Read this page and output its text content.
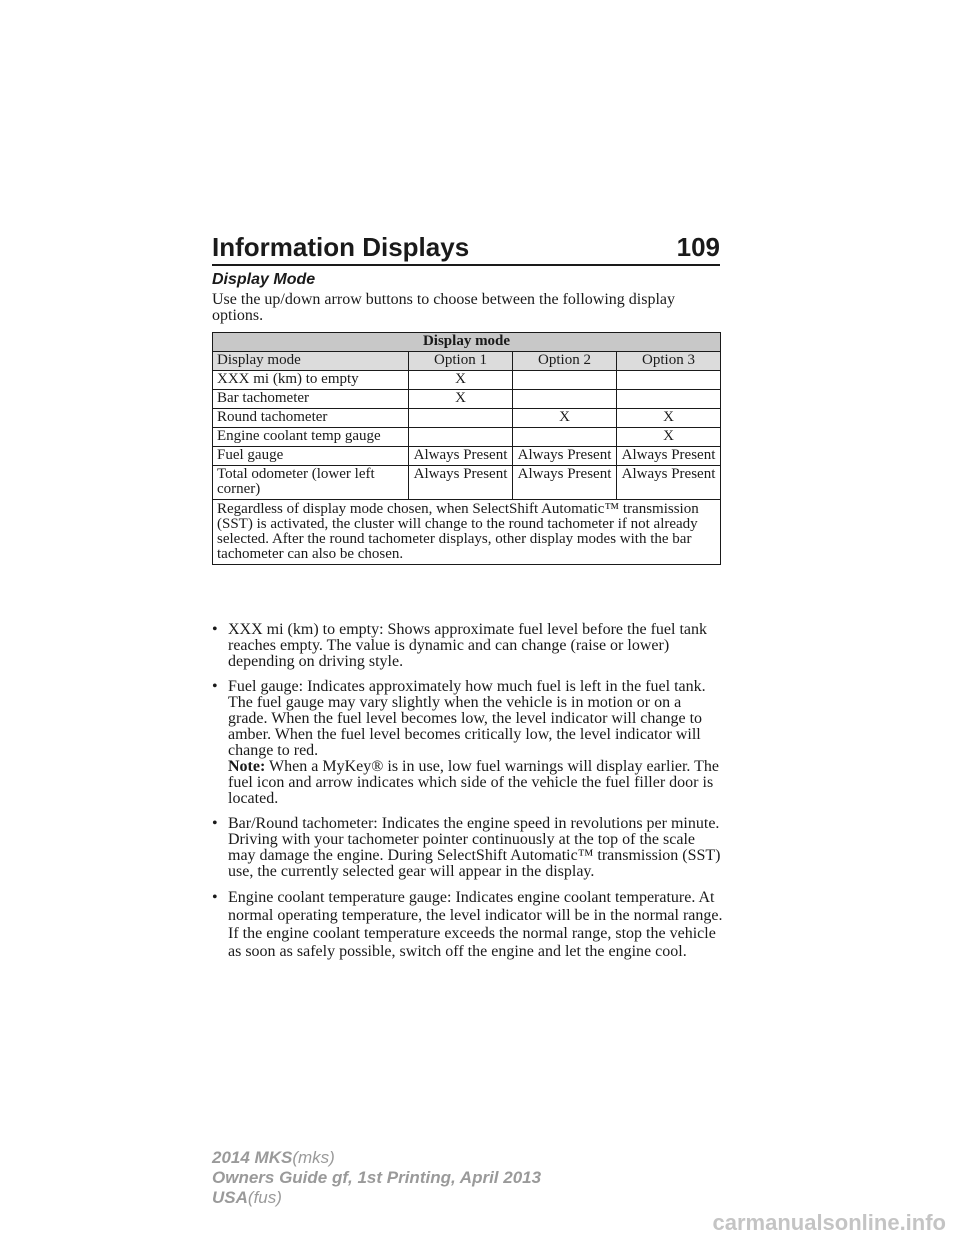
Information Displays	109
Display Mode
Use the up/down arrow buttons to choose between the following display options.
Display mode			
Display mode	Option 1	Option 2	Option 3
XXX mi (km) to empty	X		
Bar tachometer	X		
Round tachometer		X	X
Engine coolant temp gauge			X
Fuel gauge	Always Present	Always Present	Always Present
Total odometer (lower left corner)	Always Present	Always Present	Always Present
Regardless of display mode chosen, when SelectShift Automatic™ transmission (SST) is activated, the cluster will change to the round tachometer if not already selected. After the round tachometer displays, other display modes with the bar tachometer can also be chosen.			
• XXX mi (km) to empty: Shows approximate fuel level before the fuel tank reaches empty. The value is dynamic and can change (raise or lower) depending on driving style.
• Fuel gauge: Indicates approximately how much fuel is left in the fuel tank. The fuel gauge may vary slightly when the vehicle is in motion or on a grade. When the fuel level becomes low, the level indicator will change to amber. When the fuel level becomes critically low, the level indicator will change to red.
Note: When a MyKey® is in use, low fuel warnings will display earlier. The fuel icon and arrow indicates which side of the vehicle the fuel filler door is located.
• Bar/Round tachometer: Indicates the engine speed in revolutions per minute. Driving with your tachometer pointer continuously at the top of the scale may damage the engine. During SelectShift Automatic™ transmission (SST) use, the currently selected gear will appear in the display.
• Engine coolant temperature gauge: Indicates engine coolant temperature. At normal operating temperature, the level indicator will be in the normal range. If the engine coolant temperature exceeds the normal range, stop the vehicle as soon as safely possible, switch off the engine and let the engine cool.
2014 MKS(mks)
Owners Guide gf, 1st Printing, April 2013
USA(fus)
carmanualsonline.info
